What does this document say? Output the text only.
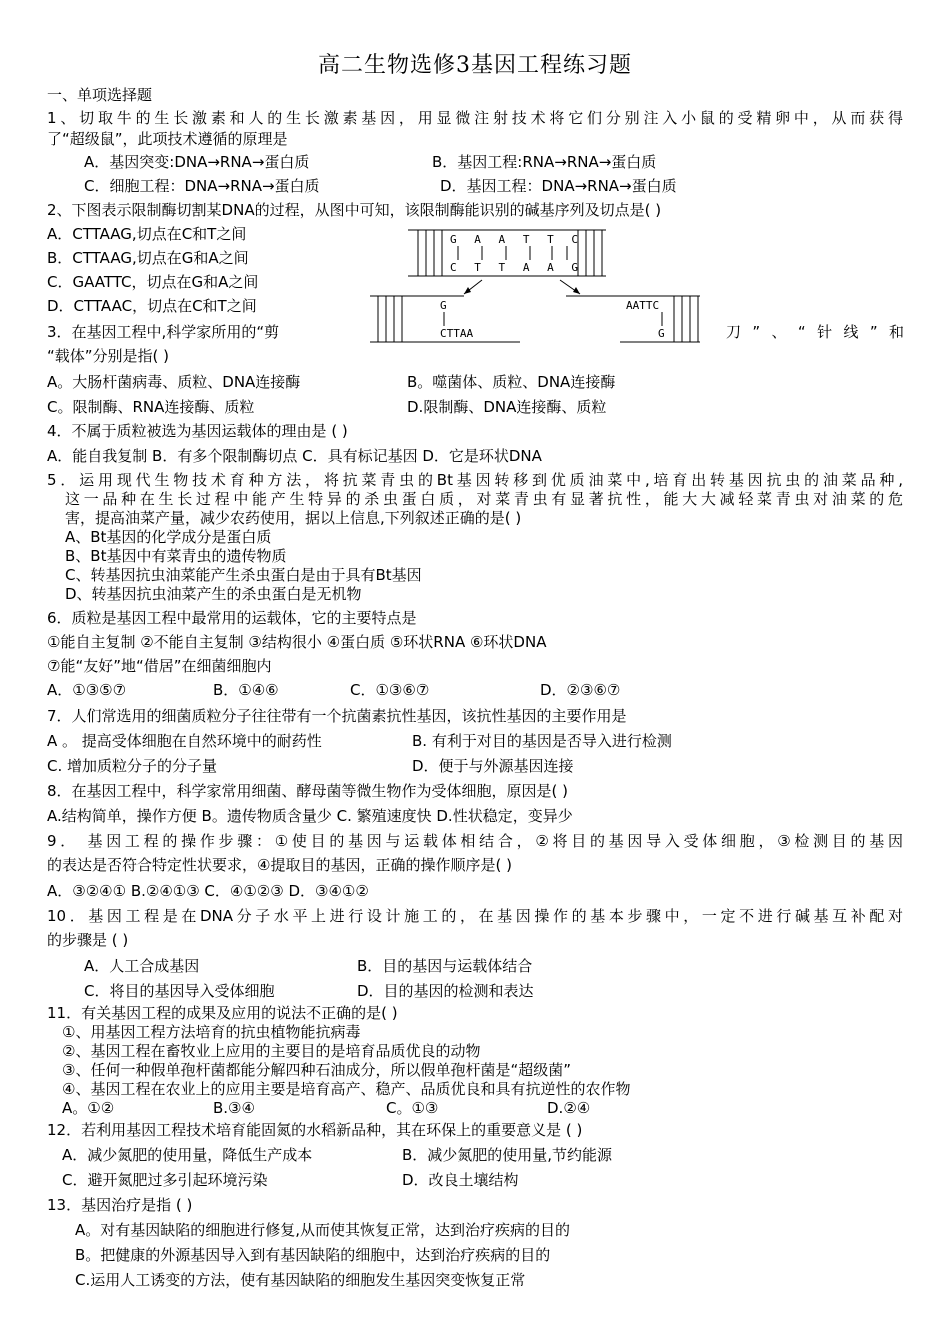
高二生物选修3基因工程练习题
一、单项选择题
1、切取牛的生长激素和人的生长激素基因，用显微注射技术将它们分别注入小鼠的受精卵中，从而获得
了“超级鼠”，此项技术遵循的原理是
A．基因突变:DNA→RNA→蛋白质	B．基因工程:RNA→RNA→蛋白质
C．细胞工程：DNA→RNA→蛋白质	D．基因工程：DNA→RNA→蛋白质
2、下图表示限制酶切割某DNA的过程，从图中可知，该限制酶能识别的碱基序列及切点是( )
A．CTTAAG,切点在C和T之间
B．CTTAAG,切点在G和A之间
C．GAATTC，切点在G和A之间
D．CTTAAC，切点在C和T之间
G A A T T C
C T T A A G
G
CTTAA
AATTC
G
3．在基因工程中,科学家所用的“剪	刀”、“针线”和
“载体”分别是指( )
A。大肠杆菌病毒、质粒、DNA连接酶	B。噬菌体、质粒、DNA连接酶
C。限制酶、RNA连接酶、质粒	D.限制酶、DNA连接酶、质粒
4．不属于质粒被选为基因运载体的理由是 ( )
A．能自我复制 B．有多个限制酶切点 C．具有标记基因 D．它是环状DNA
5．运用现代生物技术育种方法，将抗菜青虫的Bt基因转移到优质油菜中,培育出转基因抗虫的油菜品种,
这一品种在生长过程中能产生特异的杀虫蛋白质，对菜青虫有显著抗性，能大大减轻菜青虫对油菜的危
害，提高油菜产量，减少农药使用，据以上信息,下列叙述正确的是( )
A、Bt基因的化学成分是蛋白质
B、Bt基因中有菜青虫的遗传物质
C、转基因抗虫油菜能产生杀虫蛋白是由于具有Bt基因
D、转基因抗虫油菜产生的杀虫蛋白是无机物
6．质粒是基因工程中最常用的运载体，它的主要特点是
①能自主复制 ②不能自主复制 ③结构很小 ④蛋白质 ⑤环状RNA ⑥环状DNA
⑦能“友好”地“借居”在细菌细胞内
A．①③⑤⑦	B．①④⑥	C．①③⑥⑦	D．②③⑥⑦
7．人们常选用的细菌质粒分子往往带有一个抗菌素抗性基因，该抗性基因的主要作用是
A 。 提高受体细胞在自然环境中的耐药性	B. 有利于对目的基因是否导入进行检测
C. 增加质粒分子的分子量	D．便于与外源基因连接
8．在基因工程中，科学家常用细菌、酵母菌等微生物作为受体细胞，原因是( )
A.结构简单，操作方便 B。遗传物质含量少 C. 繁殖速度快 D.性状稳定，变异少
9． 基因工程的操作步骤：①使目的基因与运载体相结合，②将目的基因导入受体细胞，③检测目的基因
的表达是否符合特定性状要求，④提取目的基因，正确的操作顺序是( )
A．③②④① B.②④①③ C．④①②③ D．③④①②
10．基因工程是在DNA分子水平上进行设计施工的，在基因操作的基本步骤中，一定不进行碱基互补配对
的步骤是 ( )
A．人工合成基因	B．目的基因与运载体结合
C．将目的基因导入受体细胞	D．目的基因的检测和表达
11．有关基因工程的成果及应用的说法不正确的是( )
①、用基因工程方法培育的抗虫植物能抗病毒
②、基因工程在畜牧业上应用的主要目的是培育品质优良的动物
③、任何一种假单孢杆菌都能分解四种石油成分，所以假单孢杆菌是“超级菌”
④、基因工程在农业上的应用主要是培育高产、稳产、品质优良和具有抗逆性的农作物
A。①②	B.③④	C。①③	D.②④
12．若利用基因工程技术培育能固氮的水稻新品种，其在环保上的重要意义是 ( )
A．减少氮肥的使用量，降低生产成本	B．减少氮肥的使用量,节约能源
C．避开氮肥过多引起环境污染	D．改良土壤结构
13．基因治疗是指 ( )
A。对有基因缺陷的细胞进行修复,从而使其恢复正常，达到治疗疾病的目的
B。把健康的外源基因导入到有基因缺陷的细胞中，达到治疗疾病的目的
C.运用人工诱变的方法，使有基因缺陷的细胞发生基因突变恢复正常
